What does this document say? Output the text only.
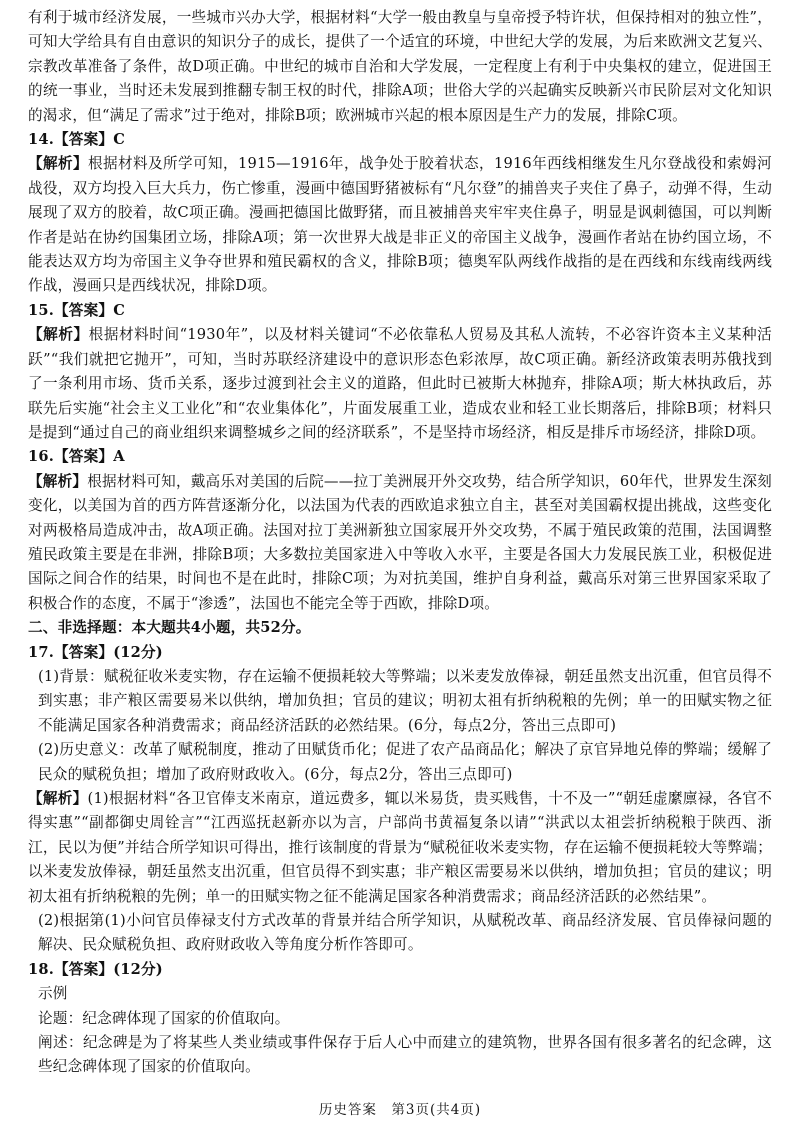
有利于城市经济发展，一些城市兴办大学，根据材料“大学一般由教皇与皇帝授予特许状，但保持相对的独立性”，可知大学给具有自由意识的知识分子的成长，提供了一个适宜的环境，中世纪大学的发展，为后来欧洲文艺复兴、宗教改革准备了条件，故D项正确。中世纪的城市自治和大学发展，一定程度上有利于中央集权的建立，促进国王的统一事业，当时还未发展到推翻专制王权的时代，排除A项；世俗大学的兴起确实反映新兴市民阶层对文化知识的渴求，但“满足了需求”过于绝对，排除B项；欧洲城市兴起的根本原因是生产力的发展，排除C项。

14.【答案】C

【解析】根据材料及所学可知，1915—1916年，战争处于胶着状态，1916年西线相继发生凡尔登战役和索姆河战役，双方均投入巨大兵力，伤亡惨重，漫画中德国野猪被标有“凡尔登”的捕兽夹子夹住了鼻子，动弹不得，生动展现了双方的胶着，故C项正确。漫画把德国比做野猪，而且被捕兽夹牢牢夹住鼻子，明显是讽刺德国，可以判断作者是站在协约国集团立场，排除A项；第一次世界大战是非正义的帝国主义战争，漫画作者站在协约国立场，不能表达双方均为帝国主义争夺世界和殖民霸权的含义，排除B项；德奥军队两线作战指的是在西线和东线南线两线作战，漫画只是西线状况，排除D项。

15.【答案】C

【解析】根据材料时间“1930年”，以及材料关键词“不必依靠私人贸易及其私人流转，不必容许资本主义某种活跃”“我们就把它抛开”，可知，当时苏联经济建设中的意识形态色彩浓厚，故C项正确。新经济政策表明苏俄找到了一条利用市场、货币关系，逐步过渡到社会主义的道路，但此时已被斯大林抛弃，排除A项；斯大林执政后，苏联先后实施“社会主义工业化”和“农业集体化”，片面发展重工业，造成农业和轻工业长期落后，排除B项；材料只是提到“通过自己的商业组织来调整城乡之间的经济联系”，不是坚持市场经济，相反是排斥市场经济，排除D项。

16.【答案】A

【解析】根据材料可知，戴高乐对美国的后院——拉丁美洲展开外交攻势，结合所学知识，60年代，世界发生深刻变化，以美国为首的西方阵营逐渐分化，以法国为代表的西欧追求独立自主，甚至对美国霸权提出挑战，这些变化对两极格局造成冲击，故A项正确。法国对拉丁美洲新独立国家展开外交攻势，不属于殖民政策的范围，法国调整殖民政策主要是在非洲，排除B项；大多数拉美国家进入中等收入水平，主要是各国大力发展民族工业，积极促进国际之间合作的结果，时间也不是在此时，排除C项；为对抗美国，维护自身利益，戴高乐对第三世界国家采取了积极合作的态度，不属于“渗透”，法国也不能完全等于西欧，排除D项。

二、非选择题：本大题共4小题，共52分。

17.【答案】(12分)

(1)背景：赋税征收米麦实物，存在运输不便损耗较大等弊端；以米麦发放俸禄，朝廷虽然支出沉重，但官员得不到实惠；非产粮区需要易米以供纳，增加负担；官员的建议；明初太祖有折纳税粮的先例；单一的田赋实物之征不能满足国家各种消费需求；商品经济活跃的必然结果。(6分，每点2分，答出三点即可)

(2)历史意义：改革了赋税制度，推动了田赋货币化；促进了农产品商品化；解决了京官异地兑俸的弊端；缓解了民众的赋税负担；增加了政府财政收入。(6分，每点2分，答出三点即可)

【解析】(1)根据材料“各卫官俸支米南京，道远费多，辄以米易货，贵买贱售，十不及一”“朝廷虚縻廪禄，各官不得实惠”“副都御史周铨言”“江西巡抚赵新亦以为言，户部尚书黄福复条以请”“洪武以太祖尝折纳税粮于陕西、浙江，民以为便”并结合所学知识可得出，推行该制度的背景为“赋税征收米麦实物，存在运输不便损耗较大等弊端；以米麦发放俸禄，朝廷虽然支出沉重，但官员得不到实惠；非产粮区需要易米以供纳，增加负担；官员的建议；明初太祖有折纳税粮的先例；单一的田赋实物之征不能满足国家各种消费需求；商品经济活跃的必然结果”。

(2)根据第(1)小问官员俸禄支付方式改革的背景并结合所学知识，从赋税改革、商品经济发展、官员俸禄问题的解决、民众赋税负担、政府财政收入等角度分析作答即可。

18.【答案】(12分)

示例

论题：纪念碑体现了国家的价值取向。

阐述：纪念碑是为了将某些人类业绩或事件保存于后人心中而建立的建筑物，世界各国有很多著名的纪念碑，这些纪念碑体现了国家的价值取向。

历史答案　第3页(共4页)
